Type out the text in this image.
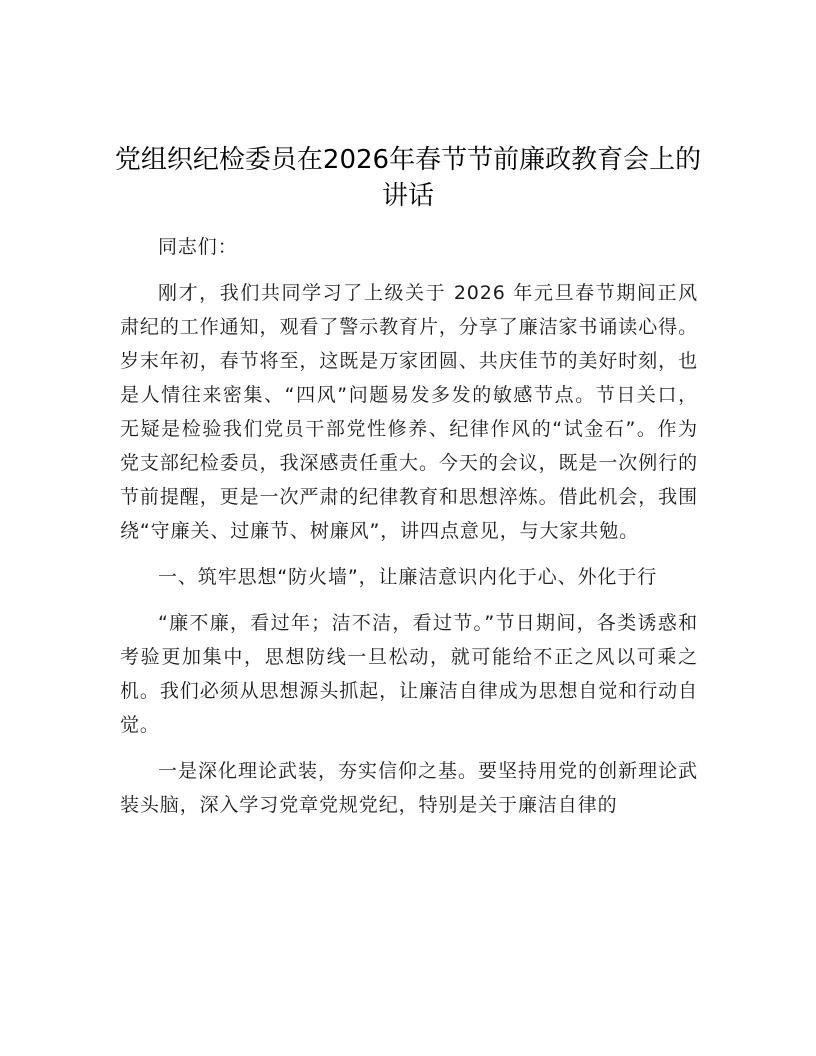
党组织纪检委员在2026年春节节前廉政教育会上的讲话

同志们：

刚才，我们共同学习了上级关于 2026 年元旦春节期间正风肃纪的工作通知，观看了警示教育片，分享了廉洁家书诵读心得。岁末年初，春节将至，这既是万家团圆、共庆佳节的美好时刻，也是人情往来密集、“四风”问题易发多发的敏感节点。节日关口，无疑是检验我们党员干部党性修养、纪律作风的“试金石”。作为党支部纪检委员，我深感责任重大。今天的会议，既是一次例行的节前提醒，更是一次严肃的纪律教育和思想淬炼。借此机会，我围绕“守廉关、过廉节、树廉风”，讲四点意见，与大家共勉。

一、筑牢思想“防火墙”，让廉洁意识内化于心、外化于行

“廉不廉，看过年；洁不洁，看过节。”节日期间，各类诱惑和考验更加集中，思想防线一旦松动，就可能给不正之风以可乘之机。我们必须从思想源头抓起，让廉洁自律成为思想自觉和行动自觉。

一是深化理论武装，夯实信仰之基。要坚持用党的创新理论武装头脑，深入学习党章党规党纪，特别是关于廉洁自律的
